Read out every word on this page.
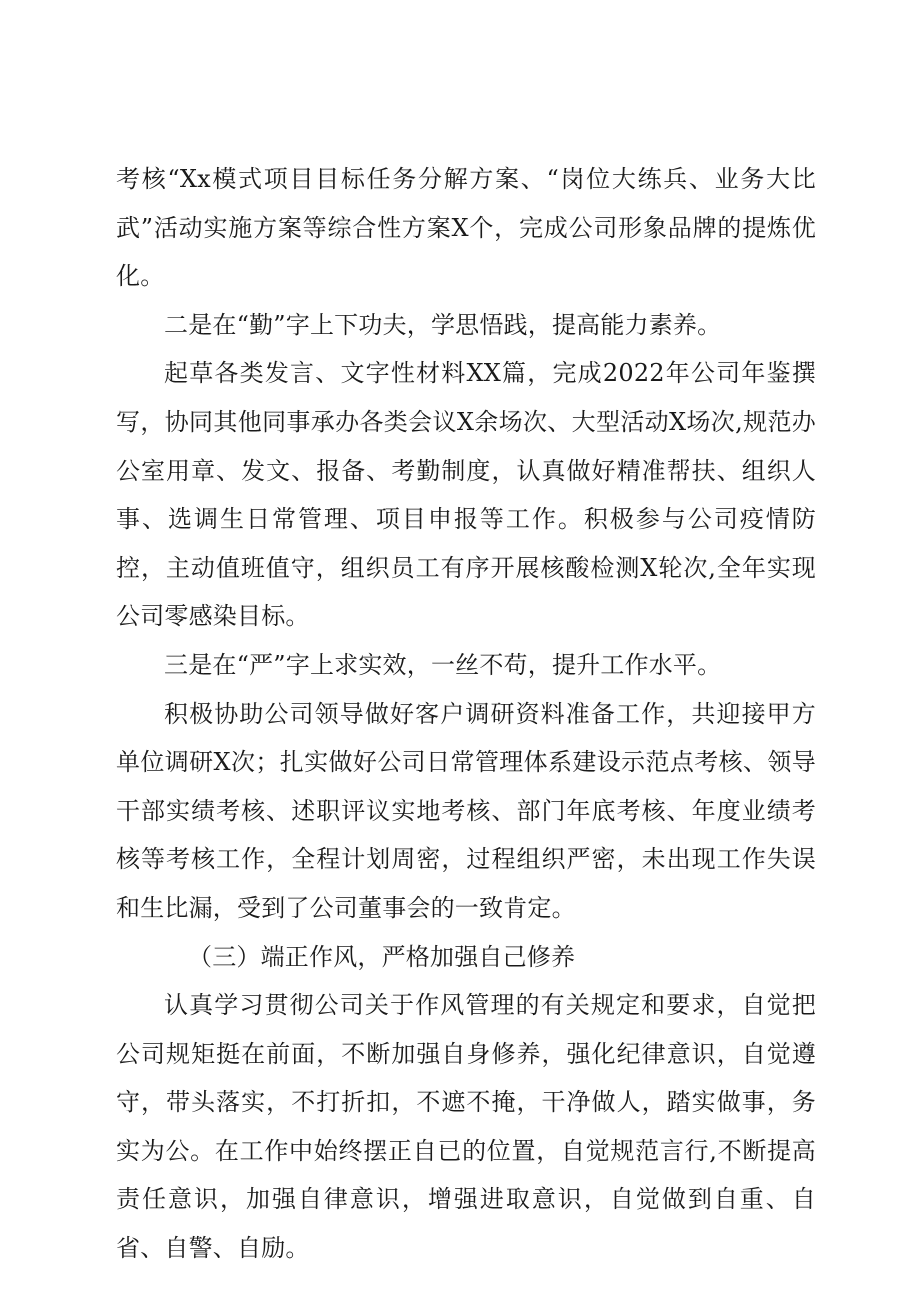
考核“Xx模式项目目标任务分解方案、“岗位大练兵、业务大比武”活动实施方案等综合性方案X个，完成公司形象品牌的提炼优化。

二是在“勤”字上下功夫，学思悟践，提高能力素养。

起草各类发言、文字性材料XX篇，完成2022年公司年鉴撰写，协同其他同事承办各类会议X余场次、大型活动X场次,规范办公室用章、发文、报备、考勤制度，认真做好精准帮扶、组织人事、选调生日常管理、项目申报等工作。积极参与公司疫情防控，主动值班值守，组织员工有序开展核酸检测X轮次,全年实现公司零感染目标。

三是在“严”字上求实效，一丝不苟，提升工作水平。

积极协助公司领导做好客户调研资料准备工作，共迎接甲方单位调研X次；扎实做好公司日常管理体系建设示范点考核、领导干部实绩考核、述职评议实地考核、部门年底考核、年度业绩考核等考核工作，全程计划周密，过程组织严密，未出现工作失误和生比漏，受到了公司董事会的一致肯定。

（三）端正作风，严格加强自己修养

认真学习贯彻公司关于作风管理的有关规定和要求，自觉把公司规矩挺在前面，不断加强自身修养，强化纪律意识，自觉遵守，带头落实，不打折扣，不遮不掩，干净做人，踏实做事，务实为公。在工作中始终摆正自已的位置，自觉规范言行,不断提高责任意识，加强自律意识，增强进取意识，自觉做到自重、自省、自警、自励。
